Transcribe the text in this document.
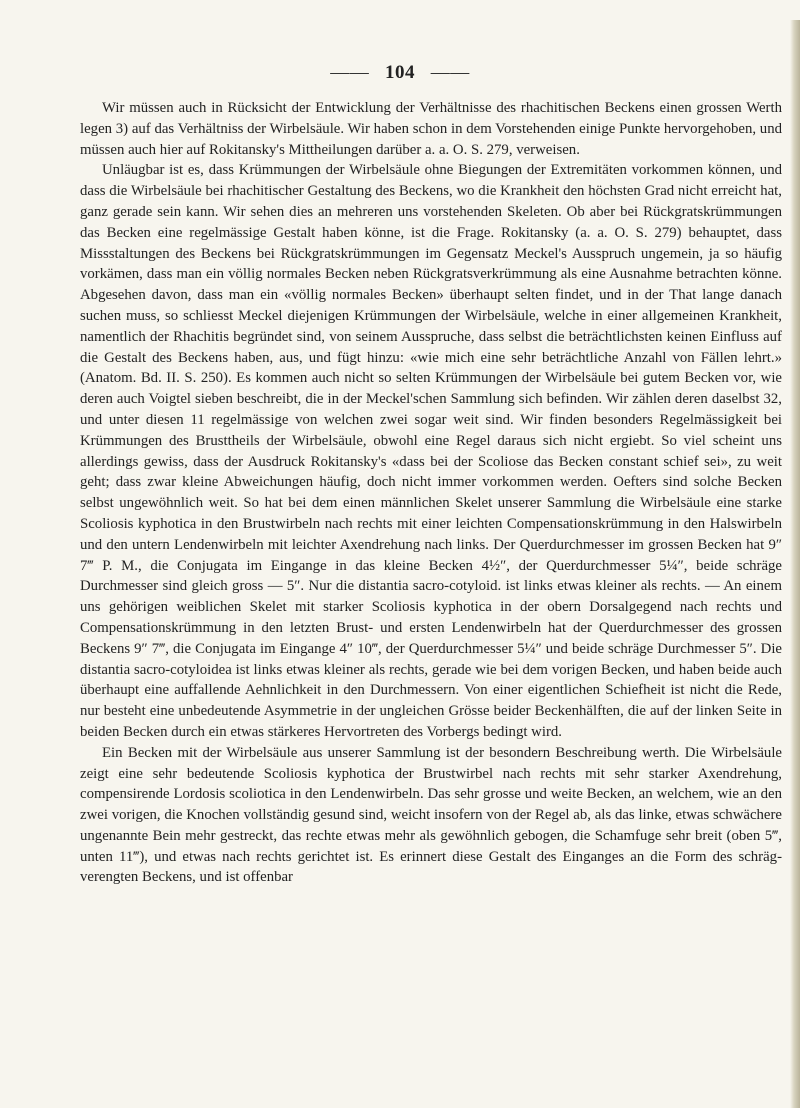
—— 104 ——

Wir müssen auch in Rücksicht der Entwicklung der Verhältnisse des rhachitischen Beckens einen grossen Werth legen 3) auf das Verhältniss der Wirbelsäule. Wir haben schon in dem Vorstehenden einige Punkte hervorgehoben, und müssen auch hier auf Rokitansky's Mittheilungen darüber a. a. O. S. 279, verweisen.

Unläugbar ist es, dass Krümmungen der Wirbelsäule ohne Biegungen der Extremitäten vorkommen können, und dass die Wirbelsäule bei rhachitischer Gestaltung des Beckens, wo die Krankheit den höchsten Grad nicht erreicht hat, ganz gerade sein kann. Wir sehen dies an mehreren uns vorstehenden Skeleten. Ob aber bei Rückgratskrümmungen das Becken eine regelmässige Gestalt haben könne, ist die Frage. Rokitansky (a. a. O. S. 279) behauptet, dass Missstaltungen des Beckens bei Rückgratskrümmungen im Gegensatz Meckel's Ausspruch ungemein, ja so häufig vorkämen, dass man ein völlig normales Becken neben Rückgratsverkrümmung als eine Ausnahme betrachten könne. Abgesehen davon, dass man ein «völlig normales Becken» überhaupt selten findet, und in der That lange danach suchen muss, so schliesst Meckel diejenigen Krümmungen der Wirbelsäule, welche in einer allgemeinen Krankheit, namentlich der Rhachitis begründet sind, von seinem Ausspruche, dass selbst die beträchtlichsten keinen Einfluss auf die Gestalt des Beckens haben, aus, und fügt hinzu: «wie mich eine sehr beträchtliche Anzahl von Fällen lehrt.» (Anatom. Bd. II. S. 250). Es kommen auch nicht so selten Krümmungen der Wirbelsäule bei gutem Becken vor, wie deren auch Voigtel sieben beschreibt, die in der Meckel'schen Sammlung sich befinden. Wir zählen deren daselbst 32, und unter diesen 11 regelmässige von welchen zwei sogar weit sind. Wir finden besonders Regelmässigkeit bei Krümmungen des Brusttheils der Wirbelsäule, obwohl eine Regel daraus sich nicht ergiebt. So viel scheint uns allerdings gewiss, dass der Ausdruck Rokitansky's «dass bei der Scoliose das Becken constant schief sei», zu weit geht; dass zwar kleine Abweichungen häufig, doch nicht immer vorkommen werden. Oefters sind solche Becken selbst ungewöhnlich weit. So hat bei dem einen männlichen Skelet unserer Sammlung die Wirbelsäule eine starke Scoliosis kyphotica in den Brustwirbeln nach rechts mit einer leichten Compensationskrümmung in den Halswirbeln und den untern Lendenwirbeln mit leichter Axendrehung nach links. Der Querdurchmesser im grossen Becken hat 9″ 7‴ P. M., die Conjugata im Eingange in das kleine Becken 4½″, der Querdurchmesser 5¼″, beide schräge Durchmesser sind gleich gross — 5″. Nur die distantia sacro-cotyloid. ist links etwas kleiner als rechts. — An einem uns gehörigen weiblichen Skelet mit starker Scoliosis kyphotica in der obern Dorsalgegend nach rechts und Compensationskrümmung in den letzten Brust- und ersten Lendenwirbeln hat der Querdurchmesser des grossen Beckens 9″ 7‴, die Conjugata im Eingange 4″ 10‴, der Querdurchmesser 5¼″ und beide schräge Durchmesser 5″. Die distantia sacro-cotyloidea ist links etwas kleiner als rechts, gerade wie bei dem vorigen Becken, und haben beide auch überhaupt eine auffallende Aehnlichkeit in den Durchmessern. Von einer eigentlichen Schiefheit ist nicht die Rede, nur besteht eine unbedeutende Asymmetrie in der ungleichen Grösse beider Beckenhälften, die auf der linken Seite in beiden Becken durch ein etwas stärkeres Hervortreten des Vorbergs bedingt wird.

Ein Becken mit der Wirbelsäule aus unserer Sammlung ist der besondern Beschreibung werth. Die Wirbelsäule zeigt eine sehr bedeutende Scoliosis kyphotica der Brustwirbel nach rechts mit sehr starker Axendrehung, compensirende Lordosis scoliotica in den Lendenwirbeln. Das sehr grosse und weite Becken, an welchem, wie an den zwei vorigen, die Knochen vollständig gesund sind, weicht insofern von der Regel ab, als das linke, etwas schwächere ungenannte Bein mehr gestreckt, das rechte etwas mehr als gewöhnlich gebogen, die Schamfuge sehr breit (oben 5‴, unten 11‴), und etwas nach rechts gerichtet ist. Es erinnert diese Gestalt des Einganges an die Form des schräg-verengten Beckens, und ist offenbar
